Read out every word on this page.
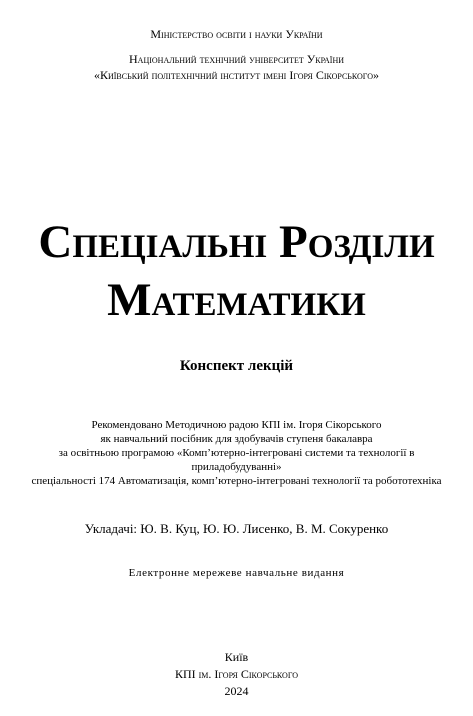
Міністерство освіти і науки України
Національний технічний університет України
«Київський політехнічний інститут імені Ігоря Сікорського»
Спеціальні Розділи
Математики
Конспект лекцій
Рекомендовано Методичною радою КПІ ім. Ігоря Сікорського
як навчальний посібник для здобувачів ступеня бакалавра
за освітньою програмою «Комп’ютерно-інтегровані системи та технології в
приладобудуванні»
спеціальності 174 Автоматизація, комп’ютерно-інтегровані технології та робототехніка
Укладачі: Ю. В. Куц, Ю. Ю. Лисенко, В. М. Сокуренко
Електронне мережеве навчальне видання
Київ
КПІ ім. Ігоря Сікорського
2024
